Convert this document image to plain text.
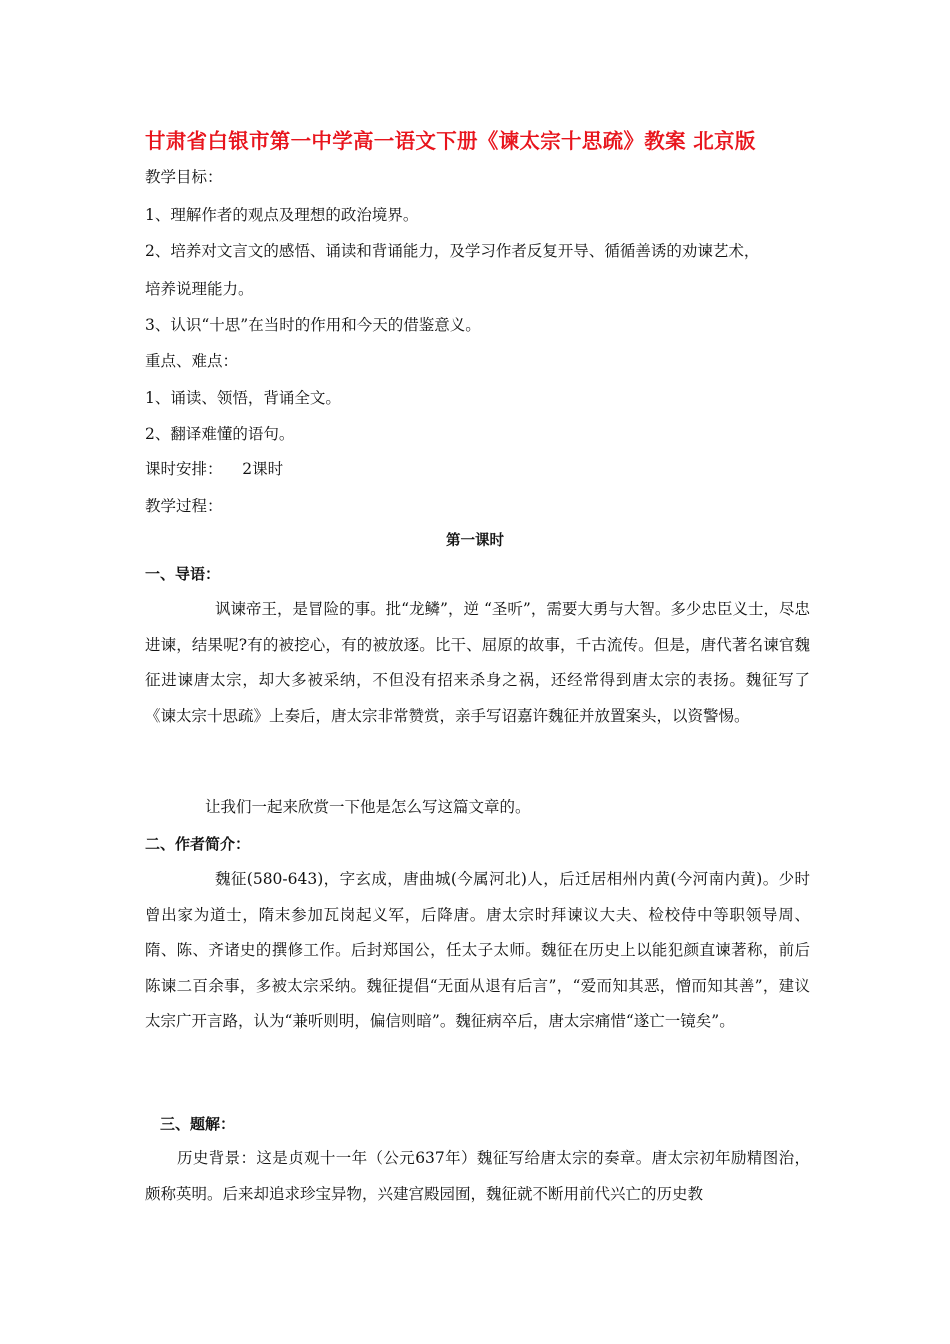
甘肃省白银市第一中学高一语文下册《谏太宗十思疏》教案 北京版
教学目标：
1、理解作者的观点及理想的政治境界。
2、培养对文言文的感悟、诵读和背诵能力，及学习作者反复开导、循循善诱的劝谏艺术，
培养说理能力。
3、认识“十思”在当时的作用和今天的借鉴意义。
重点、难点：
1、诵读、领悟，背诵全文。
2、翻译难懂的语句。
课时安排：    2课时
教学过程：
第一课时
一、导语：
讽谏帝王，是冒险的事。批“龙鳞”，逆 “圣听”，需要大勇与大智。多少忠臣义士，尽忠进谏，结果呢?有的被挖心，有的被放逐。比干、屈原的故事，千古流传。但是，唐代著名谏官魏征进谏唐太宗，却大多被采纳，不但没有招来杀身之祸，还经常得到唐太宗的表扬。魏征写了《谏太宗十思疏》上奏后，唐太宗非常赞赏，亲手写诏嘉许魏征并放置案头，以资警惕。
让我们一起来欣赏一下他是怎么写这篇文章的。
二、作者简介：
魏征(580-643)，字玄成，唐曲城(今属河北)人，后迁居相州内黄(今河南内黄)。少时曾出家为道士，隋末参加瓦岗起义军，后降唐。唐太宗时拜谏议大夫、检校侍中等职领导周、隋、陈、齐诸史的撰修工作。后封郑国公，任太子太师。魏征在历史上以能犯颜直谏著称，前后陈谏二百余事，多被太宗采纳。魏征提倡“无面从退有后言”，“爱而知其恶，憎而知其善”，建议太宗广开言路，认为“兼听则明，偏信则暗”。魏征病卒后，唐太宗痛惜“遂亡一镜矣”。
三、题解：
历史背景：这是贞观十一年（公元637年）魏征写给唐太宗的奏章。唐太宗初年励精图治，颇称英明。后来却追求珍宝异物，兴建宫殿园囿，魏征就不断用前代兴亡的历史教
